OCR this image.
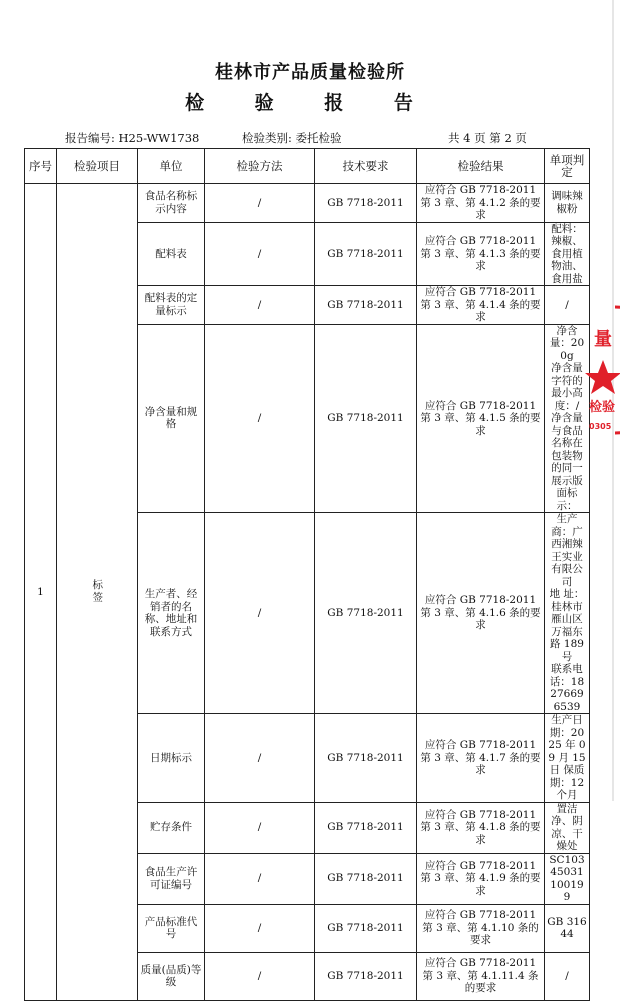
桂林市产品质量检验所
检 验 报 告
报告编号: H25-WW1738	检验类别: 委托检验	共 4 页 第 2 页
序号	检验项目	单位	检验方法	技术要求	检验结果	单项判定	
1	标签	食品名称标示内容	/	GB 7718-2011	应符合 GB 7718-2011 第 3 章、第 4.1.2 条的要求	调味辣椒粉	
		配料表	/	GB 7718-2011	应符合 GB 7718-2011 第 3 章、第 4.1.3 条的要求	配料：辣椒、食用植物油、食用盐	
		配料表的定量标示	/	GB 7718-2011	应符合 GB 7718-2011 第 3 章、第 4.1.4 条的要求	/	
		净含量和规格	/	GB 7718-2011	应符合 GB 7718-2011 第 3 章、第 4.1.5 条的要求	净含量：200g
净含量字符的最小高度：/
净含量与食品名称在包装物的同一展示版面标示：	
		生产者、经销者的名称、地址和联系方式	/	GB 7718-2011	应符合 GB 7718-2011 第 3 章、第 4.1.6 条的要求	生产商：广西湘辣王实业有限公司
地 址：桂林市雁山区万福东路 189 号
联系电话：18276696539	
		日期标示	/	GB 7718-2011	应符合 GB 7718-2011 第 3 章、第 4.1.7 条的要求	生产日期：2025 年 09 月 15 日 保质期：12 个月	
		贮存条件	/	GB 7718-2011	应符合 GB 7718-2011 第 3 章、第 4.1.8 条的要求	置洁净、阴凉、干燥处	
		食品生产许可证编号	/	GB 7718-2011	应符合 GB 7718-2011 第 3 章、第 4.1.9 条的要求	SC10345031100199	
		产品标准代号	/	GB 7718-2011	应符合 GB 7718-2011 第 3 章、第 4.1.10 条的要求	GB 31644	
		质量(品质)等级	/	GB 7718-2011	应符合 GB 7718-2011 第 3 章、第 4.1.11.4 条的要求	/	
量
检验
0305
